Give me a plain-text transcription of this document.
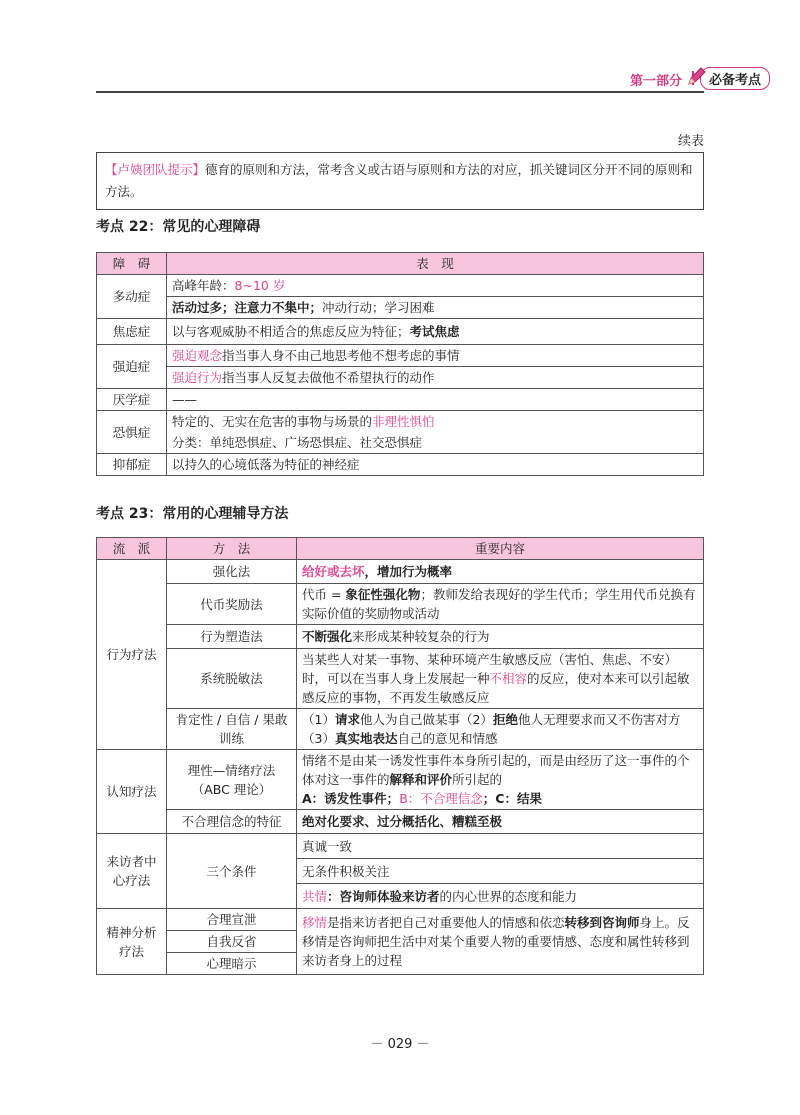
第一部分	必备考点
续表
【卢姨团队提示】德育的原则和方法，常考含义或古语与原则和方法的对应，抓关键词区分开不同的原则和方法。
考点 22：常见的心理障碍
障　碍	表　现
多动症	高峰年龄：8~10 岁
	活动过多；注意力不集中；冲动行动；学习困难
焦虑症	以与客观威胁不相适合的焦虑反应为特征；考试焦虑
强迫症	强迫观念指当事人身不由己地思考他不想考虑的事情
	强迫行为指当事人反复去做他不希望执行的动作
厌学症	——
恐惧症	特定的、无实在危害的事物与场景的非理性惧怕
	分类：单纯恐惧症、广场恐惧症、社交恐惧症
抑郁症	以持久的心境低落为特征的神经症
考点 23：常用的心理辅导方法
流　派	方　法	重要内容
行为疗法	强化法	给好或去坏，增加行为概率
	代币奖励法	代币 = 象征性强化物；教师发给表现好的学生代币；学生用代币兑换有实际价值的奖励物或活动
	行为塑造法	不断强化来形成某种较复杂的行为
	系统脱敏法	当某些人对某一事物、某种环境产生敏感反应（害怕、焦虑、不安）时，可以在当事人身上发展起一种不相容的反应，使对本来可以引起敏感反应的事物，不再发生敏感反应
	肯定性 / 自信 / 果敢训练	（1）请求他人为自己做某事（2）拒绝他人无理要求而又不伤害对方
（3）真实地表达自己的意见和情感
认知疗法	理性—情绪疗法（ABC 理论）	情绪不是由某一诱发性事件本身所引起的，而是由经历了这一事件的个体对这一事件的解释和评价所引起的
A：诱发性事件；B：不合理信念；C：结果
	不合理信念的特征	绝对化要求、过分概括化、糟糕至极
来访者中心疗法	三个条件	真诚一致
		无条件积极关注
		共情：咨询师体验来访者的内心世界的态度和能力
精神分析疗法	合理宣泄	移情是指来访者把自己对重要他人的情感和依恋转移到咨询师身上。反移情是咨询师把生活中对某个重要人物的重要情感、态度和属性转移到来访者身上的过程
	自我反省	
	心理暗示	
－ 029 －
